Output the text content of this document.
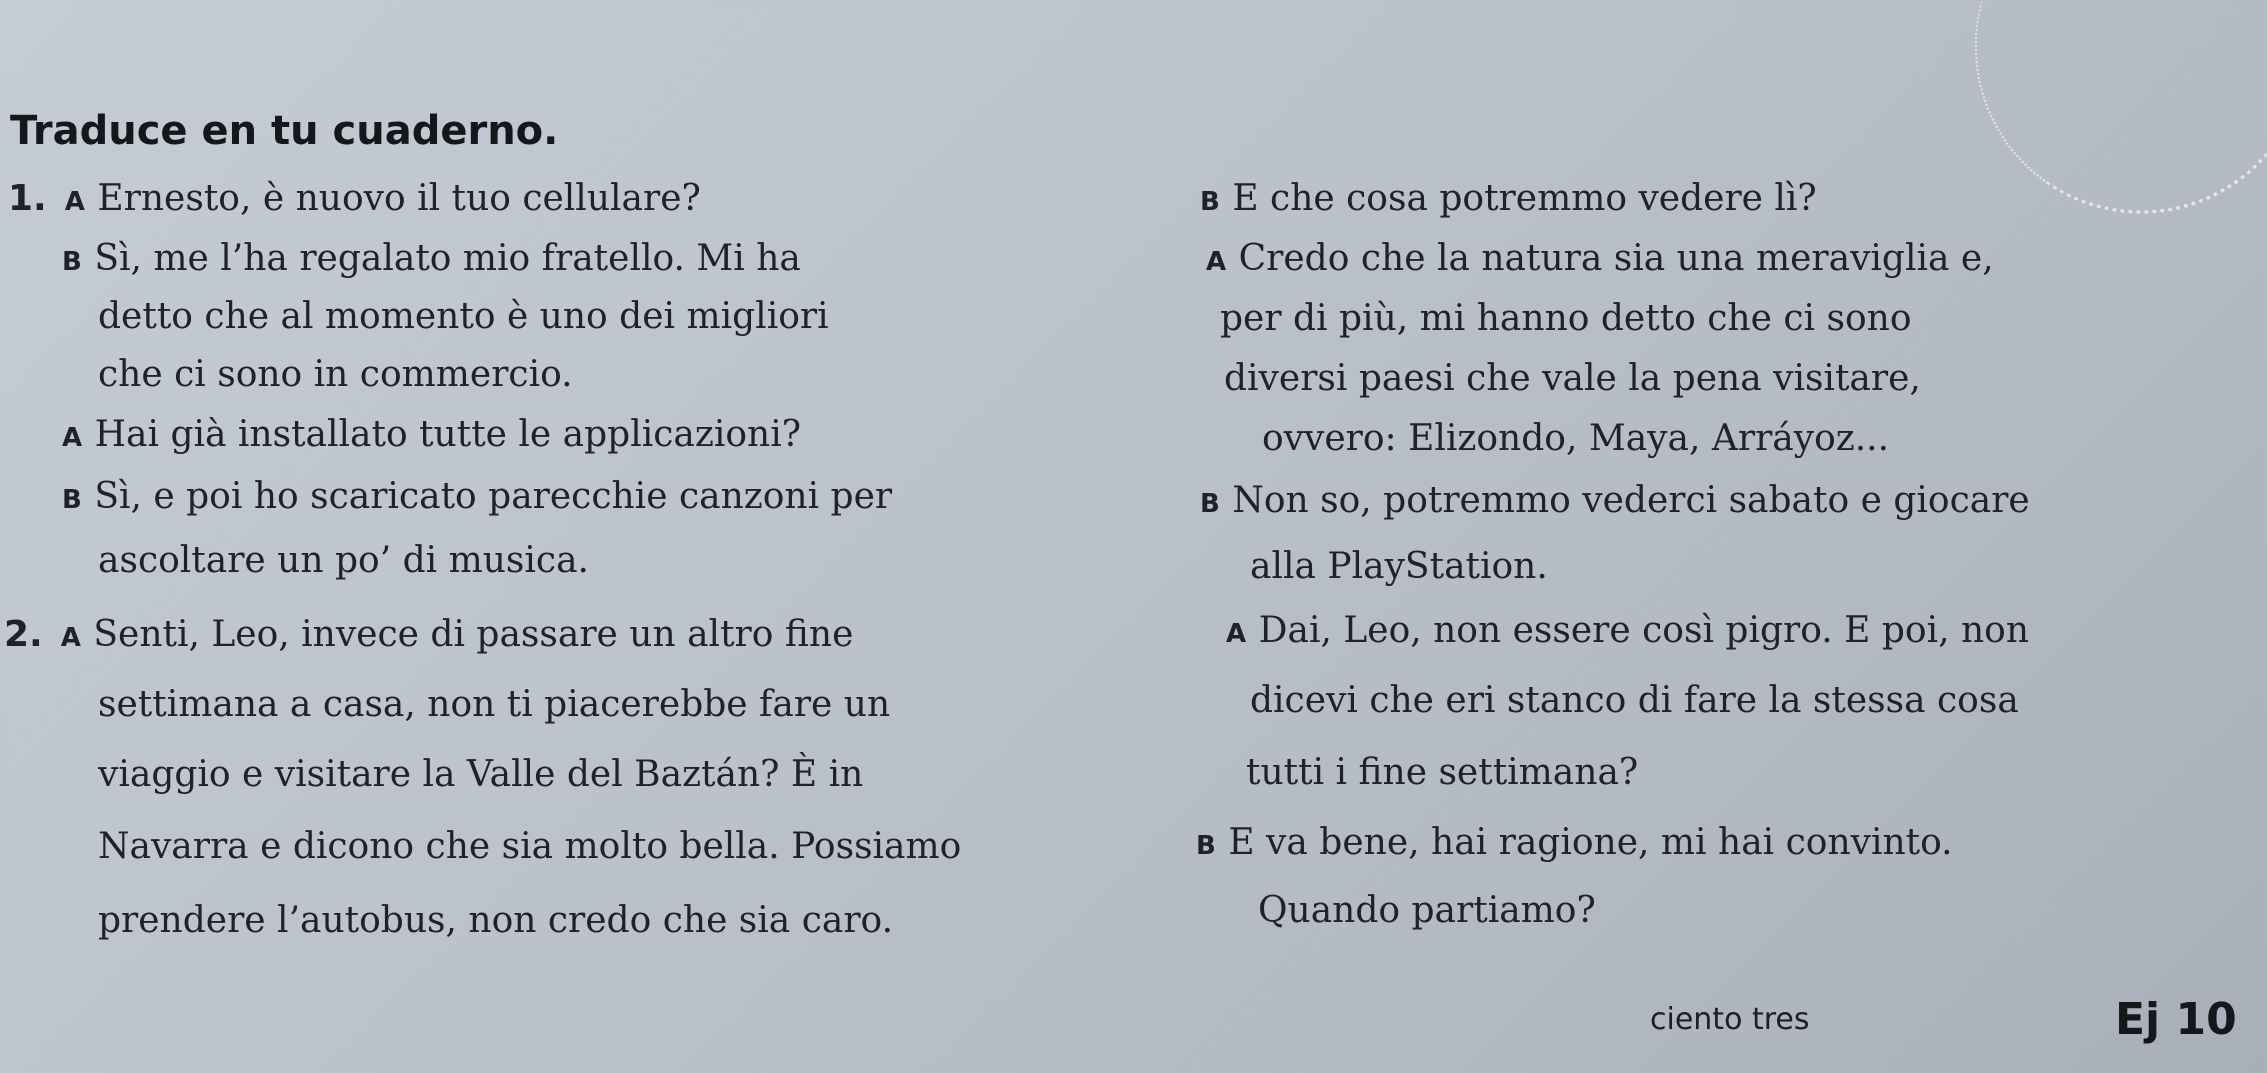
Traduce en tu cuaderno.
1. A Ernesto, è nuovo il tuo cellulare?
B Sì, me l’ha regalato mio fratello. Mi ha
detto che al momento è uno dei migliori
che ci sono in commercio.
A Hai già installato tutte le applicazioni?
B Sì, e poi ho scaricato parecchie canzoni per
ascoltare un po’ di musica.
2. A Senti, Leo, invece di passare un altro fine
settimana a casa, non ti piacerebbe fare un
viaggio e visitare la Valle del Baztán? È in
Navarra e dicono che sia molto bella. Possiamo
prendere l’autobus, non credo che sia caro.
B E che cosa potremmo vedere lì?
A Credo che la natura sia una meraviglia e,
per di più, mi hanno detto che ci sono
diversi paesi che vale la pena visitare,
ovvero: Elizondo, Maya, Arráyoz...
B Non so, potremmo vederci sabato e giocare
alla PlayStation.
A Dai, Leo, non essere così pigro. E poi, non
dicevi che eri stanco di fare la stessa cosa
tutti i fine settimana?
B E va bene, hai ragione, mi hai convinto.
Quando partiamo?
ciento tres	Ej 10
